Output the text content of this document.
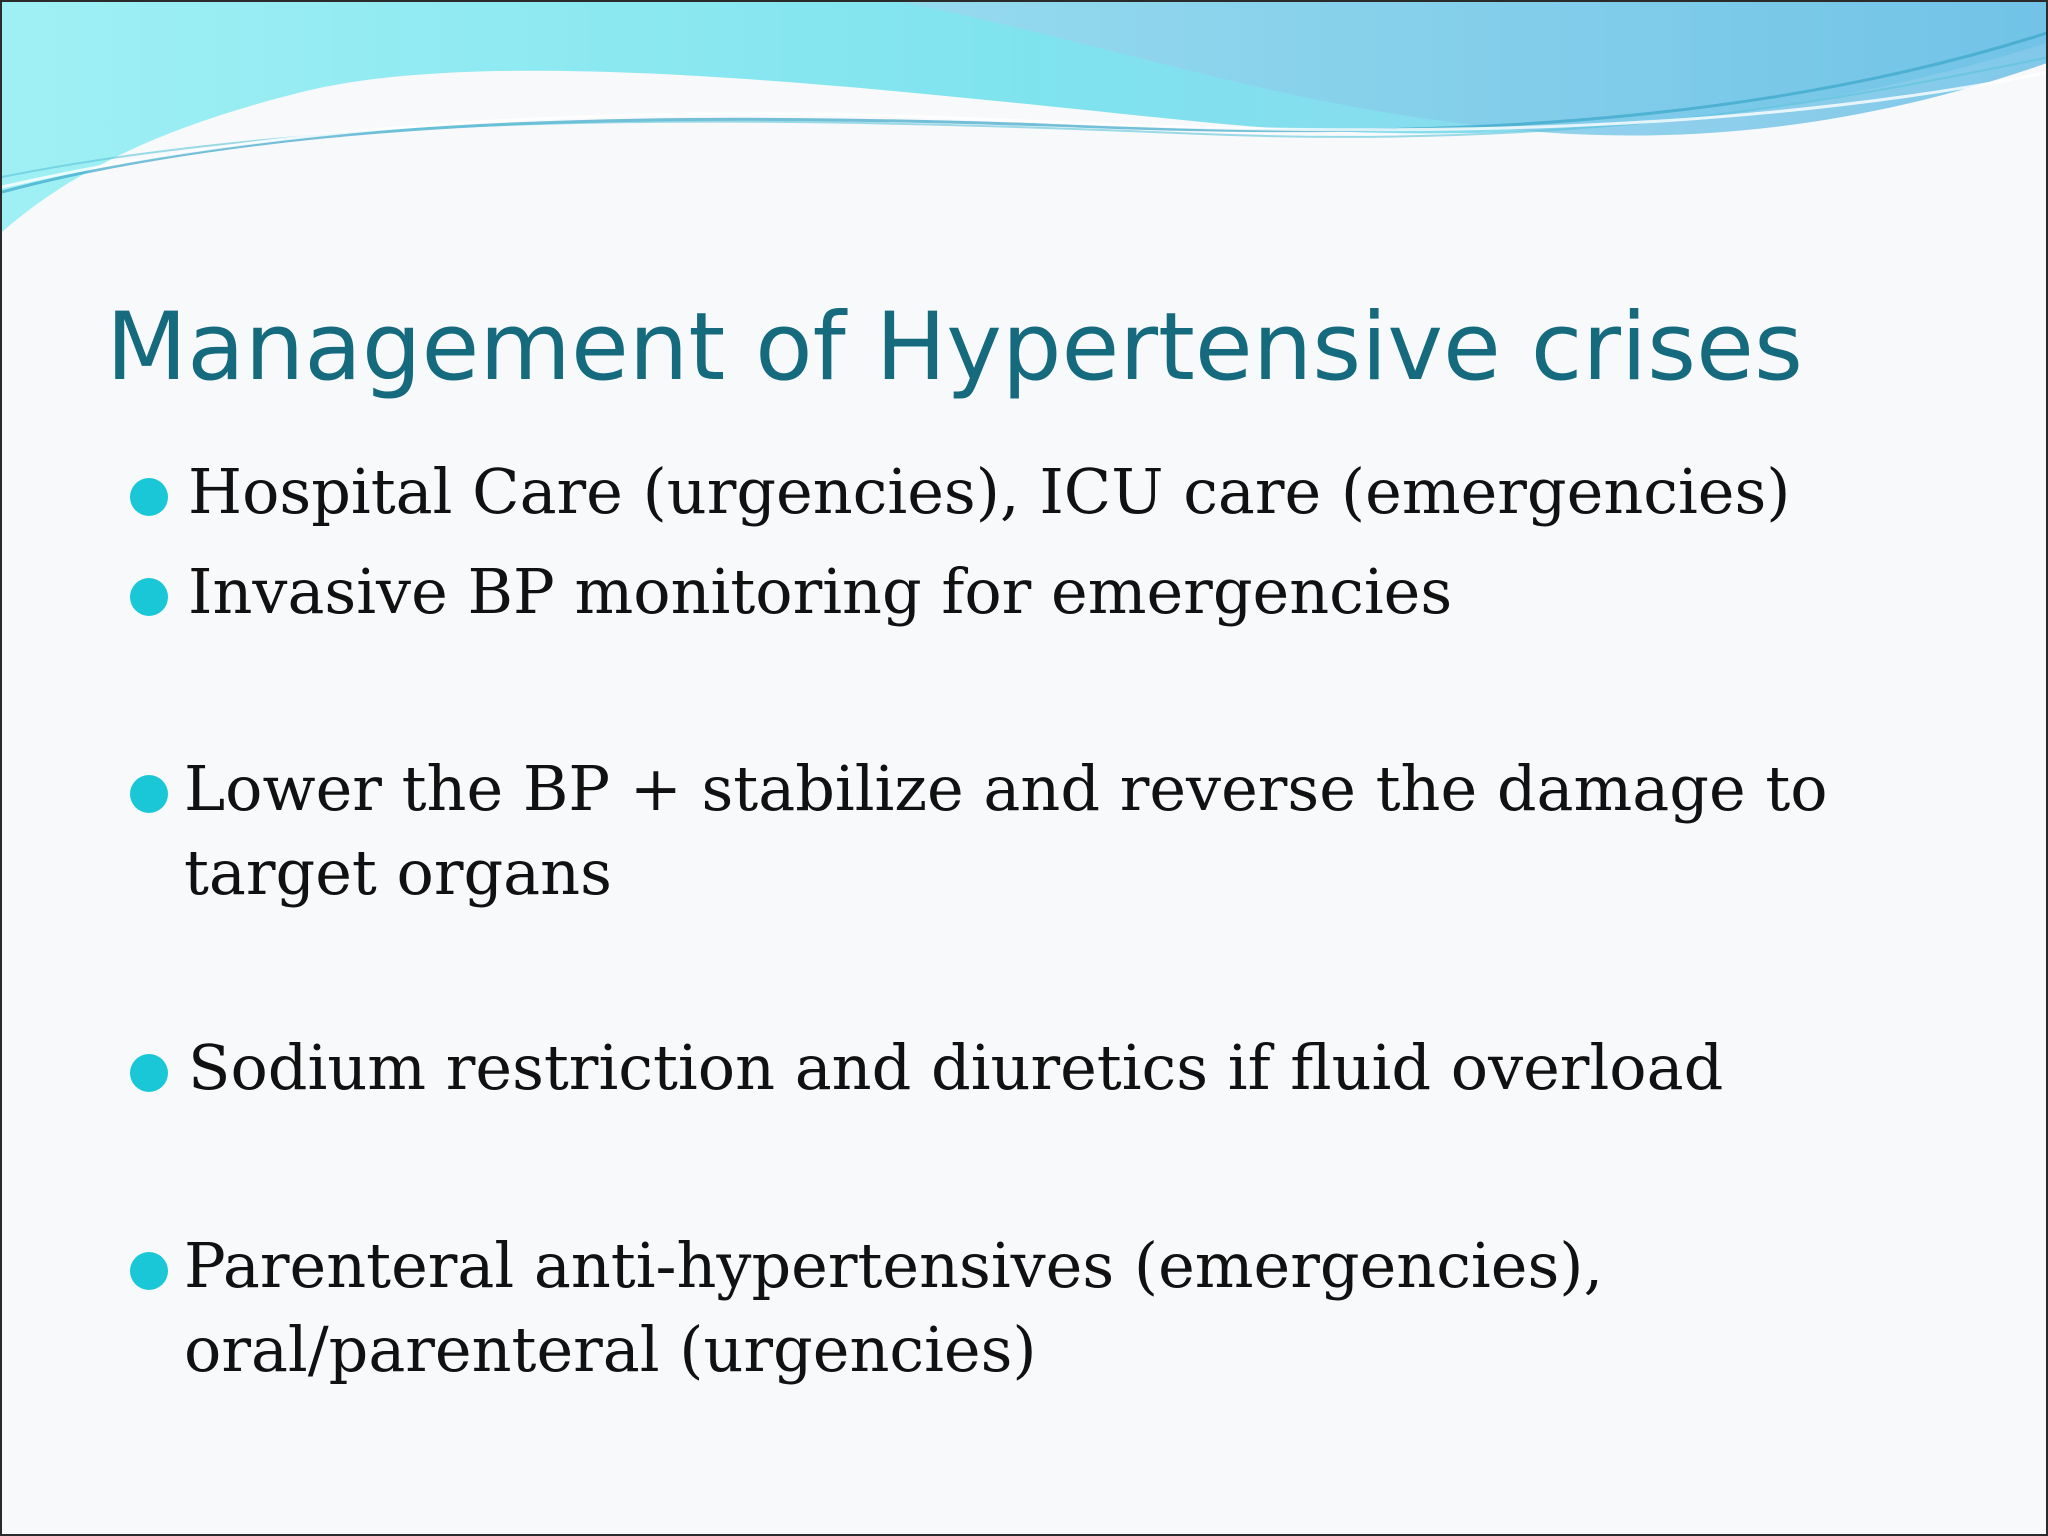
Management of Hypertensive crises
Hospital Care (urgencies), ICU care (emergencies)
Invasive BP monitoring for emergencies
Lower the BP + stabilize and reverse the damage to target organs
Sodium restriction and diuretics if fluid overload
Parenteral anti-hypertensives (emergencies), oral/parenteral (urgencies)
